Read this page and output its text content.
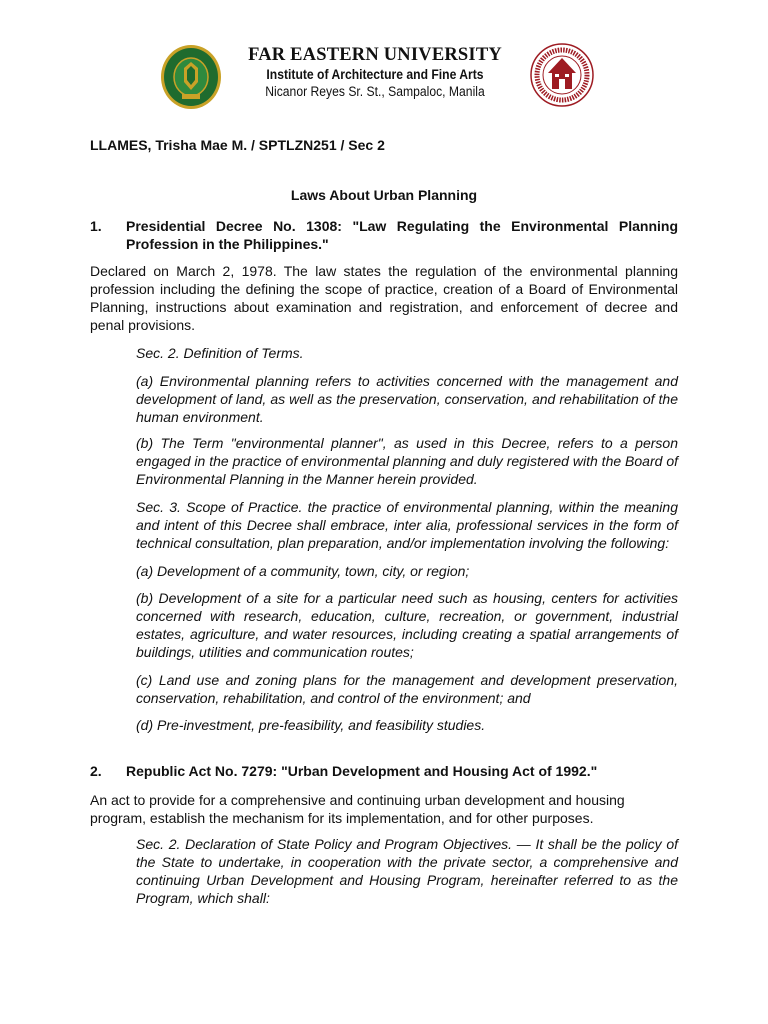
FAR EASTERN UNIVERSITY
Institute of Architecture and Fine Arts
Nicanor Reyes Sr. St., Sampaloc, Manila

LLAMES, Trisha Mae M. / SPTLZN251 / Sec 2

Laws About Urban Planning

1. Presidential Decree No. 1308: "Law Regulating the Environmental Planning Profession in the Philippines."

Declared on March 2, 1978. The law states the regulation of the environmental planning profession including the defining the scope of practice, creation of a Board of Environmental Planning, instructions about examination and registration, and enforcement of decree and penal provisions.

Sec. 2. Definition of Terms.

(a) Environmental planning refers to activities concerned with the management and development of land, as well as the preservation, conservation, and rehabilitation of the human environment.

(b) The Term "environmental planner", as used in this Decree, refers to a person engaged in the practice of environmental planning and duly registered with the Board of Environmental Planning in the Manner herein provided.

Sec. 3. Scope of Practice. the practice of environmental planning, within the meaning and intent of this Decree shall embrace, inter alia, professional services in the form of technical consultation, plan preparation, and/or implementation involving the following:

(a) Development of a community, town, city, or region;

(b) Development of a site for a particular need such as housing, centers for activities concerned with research, education, culture, recreation, or government, industrial estates, agriculture, and water resources, including creating a spatial arrangements of buildings, utilities and communication routes;

(c) Land use and zoning plans for the management and development preservation, conservation, rehabilitation, and control of the environment; and

(d) Pre-investment, pre-feasibility, and feasibility studies.

2. Republic Act No. 7279: "Urban Development and Housing Act of 1992."

An act to provide for a comprehensive and continuing urban development and housing program, establish the mechanism for its implementation, and for other purposes.

Sec. 2. Declaration of State Policy and Program Objectives. — It shall be the policy of the State to undertake, in cooperation with the private sector, a comprehensive and continuing Urban Development and Housing Program, hereinafter referred to as the Program, which shall:
